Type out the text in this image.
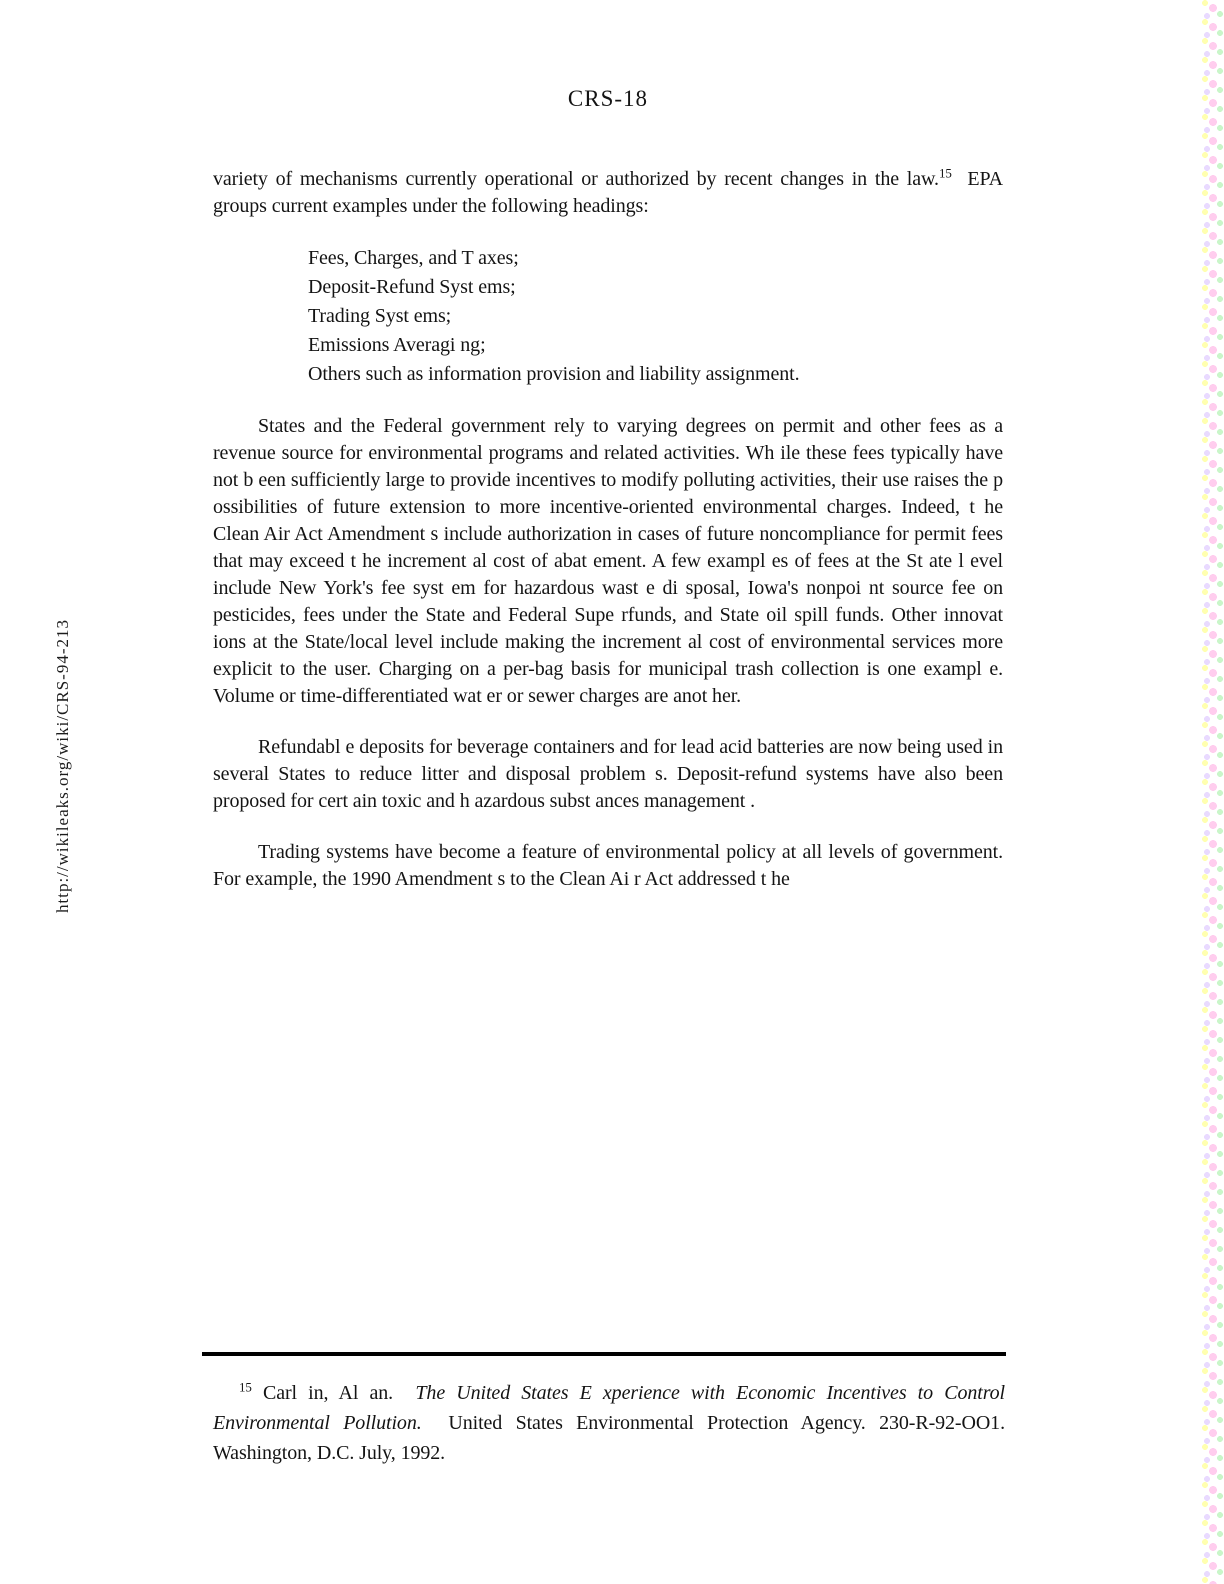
http://wikileaks.org/wiki/CRS-94-213
CRS-18

variety of mechanisms currently operational or authorized by recent changes in the law.$^{15}$ EPA groups current examples under the following headings:

Fees, Charges, and T axes;
Deposit-Refund Syst ems;
Trading Syst ems;
Emissions Averagi ng;
Others such as information provision and liability assignment.

States and the Federal government rely to varying degrees on permit and other fees as a revenue source for environmental programs and related activities. Wh ile these fees typically have not b een sufficiently large to provide incentives to modify polluting activities, their use raises the p ossibilities of future extension to more incentive-oriented environmental charges. Indeed, t he Clean Air Act Amendment s include authorization in cases of future noncompliance for permit fees that may exceed t he increment al cost of abat ement. A few exampl es of fees at the St ate l evel include New York's fee syst em for hazardous wast e di sposal, Iowa's nonpoi nt source fee on pesticides, fees under the State and Federal Supe rfunds, and State oil spill funds. Other innovat ions at the State/local level include making the increment al cost of environmental services more explicit to the user. Charging on a per-bag basis for municipal trash collection is one exampl e. Volume or time-differentiated wat er or sewer charges are anot her.

Refundabl e deposits for beverage containers and for lead acid batteries are now being used in several States to reduce litter and disposal problem s. Deposit-refund systems have also been proposed for cert ain toxic and h azardous subst ances management .

Trading systems have become a feature of environmental policy at all levels of government. For example, the 1990 Amendment s to the Clean Ai r Act addressed t he

$^{15}$ Carl in, Al an. The United States E xperience with Economic Incentives to Control Environmental Pollution. United States Environmental Protection Agency. 230-R-92-OO1. Washington, D.C. July, 1992.
